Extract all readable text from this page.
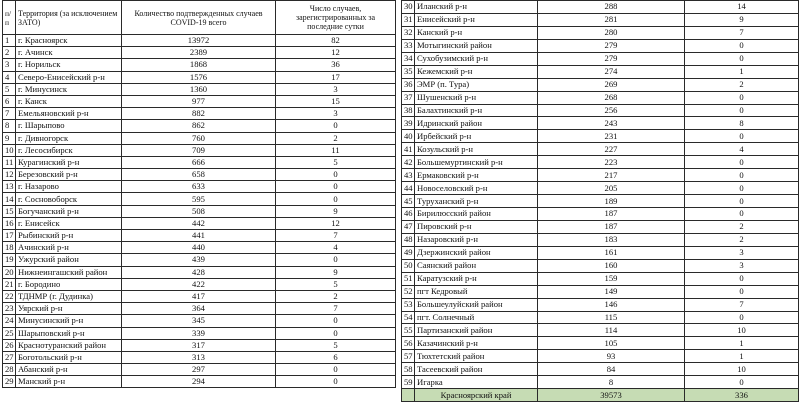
п/п	Территория (за исключением ЗАТО)	Количество подтвержденных случаев COVID-19 всего	Число случаев, зарегистрированных за последние сутки
1	г. Красноярск	13972	82
2	г. Ачинск	2389	12
3	г. Норильск	1868	36
4	Северо-Енисейский р-н	1576	17
5	г. Минусинск	1360	3
6	г. Канск	977	15
7	Емельяновский р-н	882	3
8	г. Шарыпово	862	0
9	г. Дивногорск	760	2
10	г. Лесосибирск	709	11
11	Курагинский р-н	666	5
12	Березовский р-н	658	0
13	г. Назарово	633	0
14	г. Сосновоборск	595	0
15	Богучанский р-н	508	9
16	г. Енисейск	442	12
17	Рыбинский р-н	441	7
18	Ачинский р-н	440	4
19	Ужурский район	439	0
20	Нижнеингашский район	428	9
21	г. Бородино	422	5
22	ТДНМР (г. Дудинка)	417	2
23	Уярский р-н	364	7
24	Минусинский р-н	345	0
25	Шарыповский р-н	339	0
26	Краснотуранский район	317	5
27	Боготольский р-н	313	6
28	Абанский р-н	297	0
29	Манский р-н	294	0
30	Иланский р-н	288	14
31	Енисейский р-н	281	9
32	Канский р-н	280	7
33	Мотыгинский район	279	0
34	Сухобузимский р-н	279	0
35	Кежемский р-н	274	1
36	ЭМР (п. Тура)	269	2
37	Шушенский р-н	268	0
38	Балахтинский р-н	256	0
39	Идринский район	243	8
40	Ирбейский р-н	231	0
41	Козульский р-н	227	4
42	Большемуртинский р-н	223	0
43	Ермаковский р-н	217	0
44	Новоселовский р-н	205	0
45	Туруханский р-н	189	0
46	Бирилюсский район	187	0
47	Пировский р-н	187	2
48	Назаровский р-н	183	2
49	Дзержинский район	161	3
50	Саянский район	160	3
51	Каратузский р-н	159	0
52	пгт Кедровый	149	0
53	Большеулуйский район	146	7
54	пгт. Солнечный	115	0
55	Партизанский район	114	10
56	Казачинский р-н	105	1
57	Тюхтетский район	93	1
58	Тасеевский район	84	10
59	Игарка	8	0
	Красноярский край	39573	336
